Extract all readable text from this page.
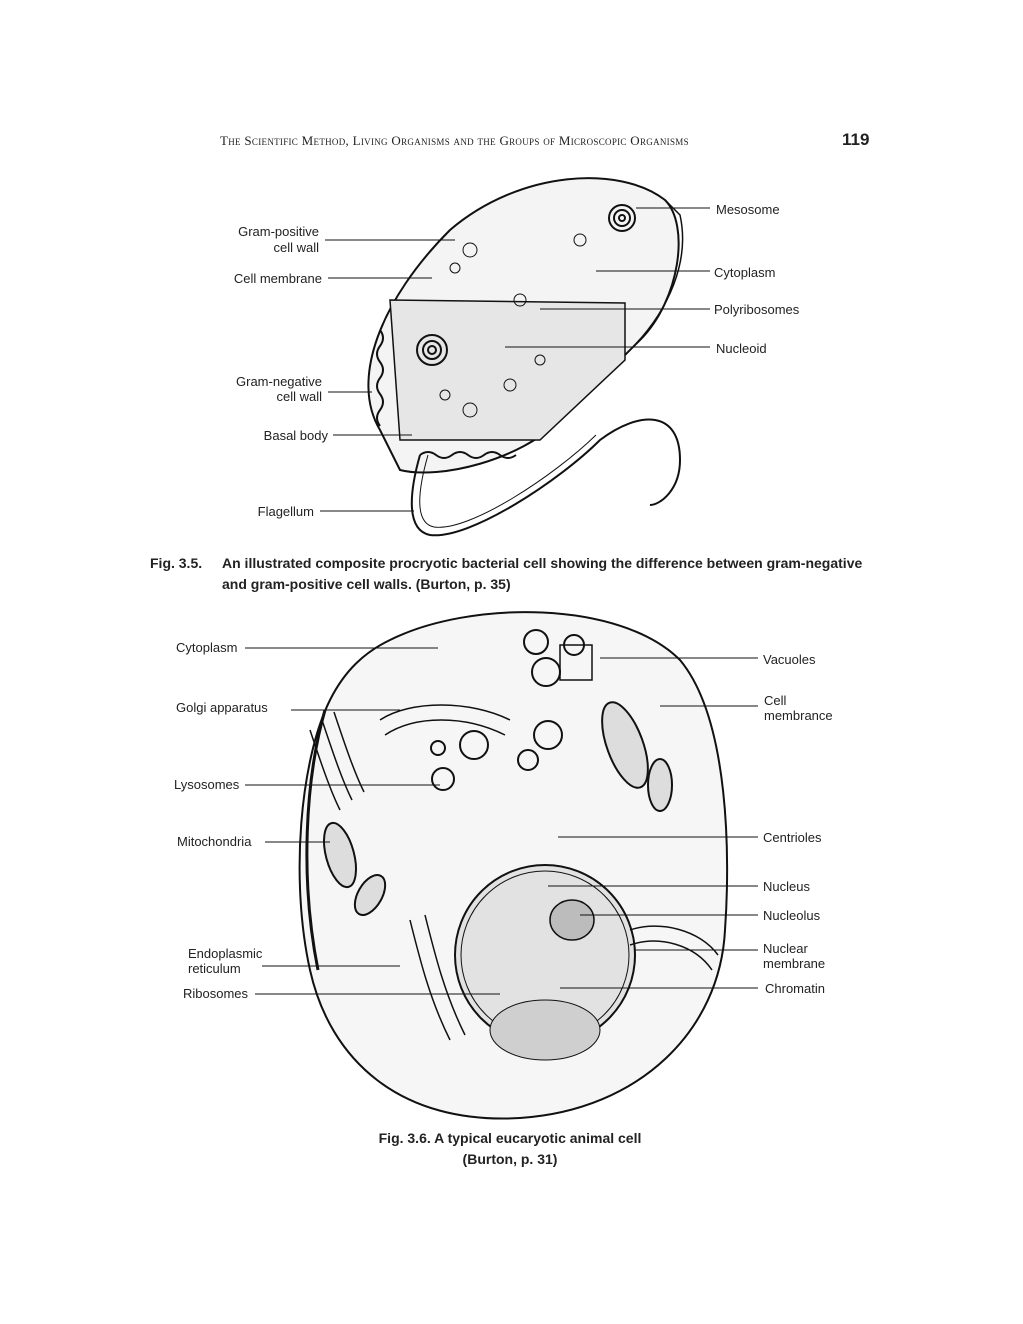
The Scientific Method, Living Organisms and the Groups of Microscopic Organisms	119
Gram-positive
cell wall
Cell membrane
Gram-negative
cell wall
Basal body
Flagellum
Mesosome
Cytoplasm
Polyribosomes
Nucleoid
Fig. 3.5. An illustrated composite procryotic bacterial cell showing the difference between gram-negative
and gram-positive cell walls. (Burton, p. 35)
Cytoplasm
Golgi apparatus
Lysosomes
Mitochondria
Endoplasmic
reticulum
Ribosomes
Vacuoles
Cell
membrance
Centrioles
Nucleus
Nucleolus
Nuclear
membrane
Chromatin
Fig. 3.6. A typical eucaryotic animal cell
(Burton, p. 31)
